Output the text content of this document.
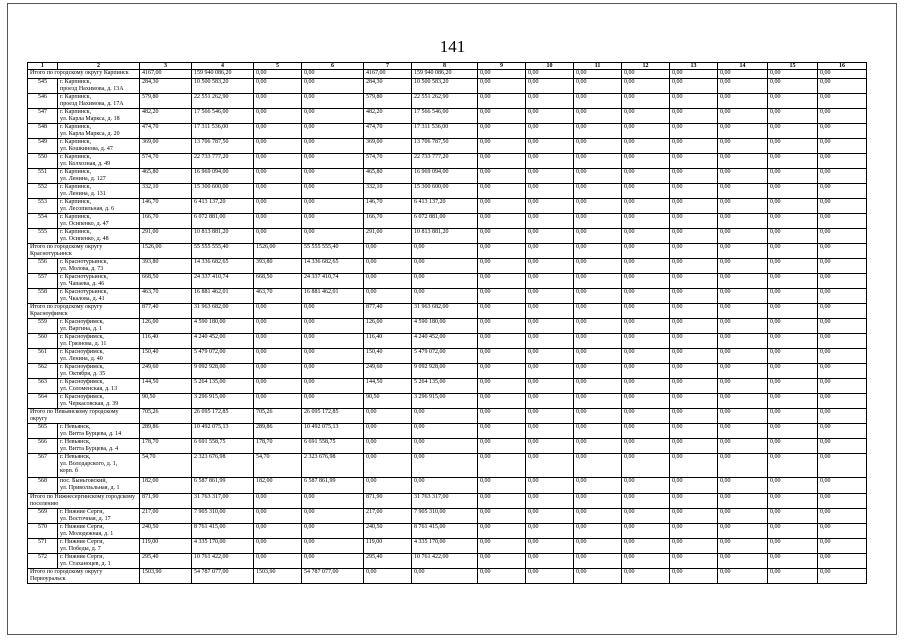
141
1	2	3	4	5	6	7	8	9	10	11	12	13	14	15	16
Итого по городскому округу Карпинск		4167,00	159 940 086,20	0,00	0,00	4167,00	159 940 086,20	0,00	0,00	0,00	0,00	0,00	0,00	0,00	0,00
545	г. Карпинск,
проезд Нахимова, д. 13А	284,30	10 500 583,20	0,00	0,00	284,30	10 500 583,20	0,00	0,00	0,00	0,00	0,00	0,00	0,00	0,00
546	г. Карпинск,
проезд Нахимова, д. 17А	579,80	22 551 262,90	0,00	0,00	579,80	22 551 262,90	0,00	0,00	0,00	0,00	0,00	0,00	0,00	0,00
547	г. Карпинск,
ул. Карла Маркса, д. 18	482,20	17 566 546,00	0,00	0,00	482,20	17 566 546,00	0,00	0,00	0,00	0,00	0,00	0,00	0,00	0,00
548	г. Карпинск,
ул. Карла Маркса, д. 20	474,70	17 311 536,00	0,00	0,00	474,70	17 311 536,00	0,00	0,00	0,00	0,00	0,00	0,00	0,00	0,00
549	г. Карпинск,
ул. Кошкинова, д. 47	369,00	13 706 787,50	0,00	0,00	369,00	13 706 787,50	0,00	0,00	0,00	0,00	0,00	0,00	0,00	0,00
550	г. Карпинск,
ул. Колхозная, д. 49	574,70	22 733 777,20	0,00	0,00	574,70	22 733 777,20	0,00	0,00	0,00	0,00	0,00	0,00	0,00	0,00
551	г. Карпинск,
ул. Ленина, д. 127	465,80	16 969 094,00	0,00	0,00	465,80	16 969 094,00	0,00	0,00	0,00	0,00	0,00	0,00	0,00	0,00
552	г. Карпинск,
ул. Ленина, д. 131	332,10	15 300 600,00	0,00	0,00	332,10	15 300 600,00	0,00	0,00	0,00	0,00	0,00	0,00	0,00	0,00
553	г. Карпинск,
ул. Лесопильная, д. 6	146,70	6 413 137,20	0,00	0,00	146,70	6 413 137,20	0,00	0,00	0,00	0,00	0,00	0,00	0,00	0,00
554	г. Карпинск,
ул. Осипенко, д. 47	166,70	6 072 881,00	0,00	0,00	166,70	6 072 881,00	0,00	0,00	0,00	0,00	0,00	0,00	0,00	0,00
555	г. Карпинск,
ул. Осипенко, д. 48	291,00	10 813 881,20	0,00	0,00	291,00	10 813 881,20	0,00	0,00	0,00	0,00	0,00	0,00	0,00	0,00
Итого по городскому округу Краснотурьинск		1526,00	55 555 555,40	1526,00	55 555 555,40	0,00	0,00	0,00	0,00	0,00	0,00	0,00	0,00	0,00	0,00
556	г. Краснотурьинск,
ул. Молова, д. 73	393,80	14 336 682,65	393,80	14 336 682,65	0,00	0,00	0,00	0,00	0,00	0,00	0,00	0,00	0,00	0,00
557	г. Краснотурьинск,
ул. Чапаева, д. 46	668,50	24 337 410,74	668,50	24 337 410,74	0,00	0,00	0,00	0,00	0,00	0,00	0,00	0,00	0,00	0,00
558	г. Краснотурьинск,
ул. Чкалова, д. 41	463,70	16 881 462,01	463,70	16 881 462,01	0,00	0,00	0,00	0,00	0,00	0,00	0,00	0,00	0,00	0,00
Итого по городскому округу Красноуфимск		877,40	31 963 682,00	0,00	0,00	877,40	31 963 682,00	0,00	0,00	0,00	0,00	0,00	0,00	0,00	0,00
559	г. Красноуфимск,
ул. Варгина, д. 1	126,00	4 590 180,00	0,00	0,00	126,00	4 590 180,00	0,00	0,00	0,00	0,00	0,00	0,00	0,00	0,00
560	г. Красноуфимск,
ул. Грязнова, д. 11	116,40	4 240 452,00	0,00	0,00	116,40	4 240 452,00	0,00	0,00	0,00	0,00	0,00	0,00	0,00	0,00
561	г. Красноуфимск,
ул. Ленина, д. 40	150,40	5 479 072,00	0,00	0,00	150,40	5 479 072,00	0,00	0,00	0,00	0,00	0,00	0,00	0,00	0,00
562	г. Красноуфимск,
ул. Октября, д. 35	249,60	9 092 928,00	0,00	0,00	249,60	9 092 928,00	0,00	0,00	0,00	0,00	0,00	0,00	0,00	0,00
563	г. Красноуфимск,
ул. Соломенская, д. 13	144,50	5 264 135,00	0,00	0,00	144,50	5 264 135,00	0,00	0,00	0,00	0,00	0,00	0,00	0,00	0,00
564	г. Красноуфимск,
ул. Черкасовская, д. 39	90,50	3 296 915,00	0,00	0,00	90,50	3 296 915,00	0,00	0,00	0,00	0,00	0,00	0,00	0,00	0,00
Итого по Невьянскому городскому округу		705,26	26 095 172,85	705,26	26 095 172,85	0,00	0,00	0,00	0,00	0,00	0,00	0,00	0,00	0,00	0,00
565	г. Невьянск,
ул. Витта Бурцева, д. 14	289,86	10 492 075,13	289,86	10 492 075,13	0,00	0,00	0,00	0,00	0,00	0,00	0,00	0,00	0,00	0,00
566	г. Невьянск,
ул. Витта Бурцева, д. 4	178,70	6 691 558,75	178,70	6 691 558,75	0,00	0,00	0,00	0,00	0,00	0,00	0,00	0,00	0,00	0,00
567	г. Невьянск,
ул. Володарского, д. 1,
корп. б	54,70	2 323 676,98	54,70	2 323 676,98	0,00	0,00	0,00	0,00	0,00	0,00	0,00	0,00	0,00	0,00
568	пос. Быньговский,
ул. Приволзьльная, д. 1	182,00	6 587 861,99	182,00	6 587 861,99	0,00	0,00	0,00	0,00	0,00	0,00	0,00	0,00	0,00	0,00
Итого по Нижнесергинскому городскому поселению		871,90	31 763 317,00	0,00	0,00	871,90	31 763 317,00	0,00	0,00	0,00	0,00	0,00	0,00	0,00	0,00
569	г. Нижние Серги,
ул. Восточная, д. 17	217,00	7 905 310,00	0,00	0,00	217,00	7 905 310,00	0,00	0,00	0,00	0,00	0,00	0,00	0,00	0,00
570	г. Нижние Серги,
ул. Молодежная, д. 1	240,50	8 761 415,00	0,00	0,00	240,50	8 761 415,00	0,00	0,00	0,00	0,00	0,00	0,00	0,00	0,00
571	г. Нижние Серги,
ул. Победы, д. 7	119,00	4 335 170,00	0,00	0,00	119,00	4 335 170,00	0,00	0,00	0,00	0,00	0,00	0,00	0,00	0,00
572	г. Нижние Серги,
ул. Стаханоцев, д. 1	295,40	10 761 422,00	0,00	0,00	295,40	10 761 422,00	0,00	0,00	0,00	0,00	0,00	0,00	0,00	0,00
Итого по городскому округу Первоуральск		1503,90	54 787 077,00	1503,90	54 787 077,00	0,00	0,00	0,00	0,00	0,00	0,00	0,00	0,00	0,00	0,00
